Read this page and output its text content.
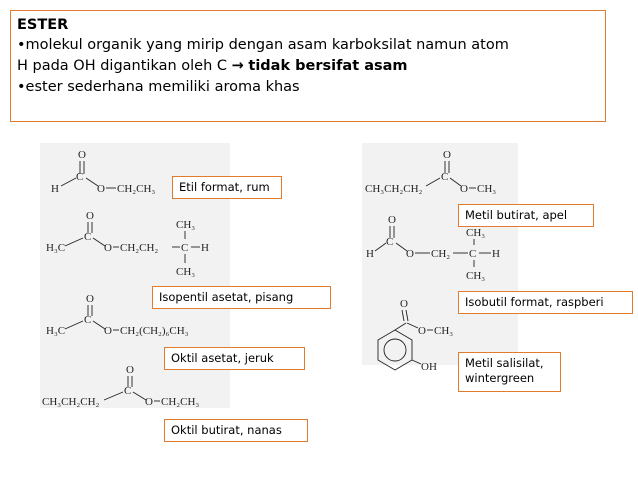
ESTER
•molekul organik yang mirip dengan asam karboksilat namun atom
H pada OH digantikan oleh C → tidak bersifat asam
•ester sederhana memiliki aroma khas
O
H
C
O CH₂CH₃
O
H₃C
C
O CH₂CH₂
CH₃
C H
CH₃
O
H₃C
C
O CH₂(CH₂)₆CH₃
O
CH₃CH₂CH₂
C
O CH₂CH₃
O
CH₃CH₂CH₂
C
O CH₃
O
H
C
O CH₂
CH₃
C H
CH₃
O
O CH₃
OH
Etil format, rum
Isopentil asetat, pisang
Oktil asetat, jeruk
Oktil butirat, nanas
Metil butirat, apel
Isobutil format, raspberi
Metil salisilat,
wintergreen
